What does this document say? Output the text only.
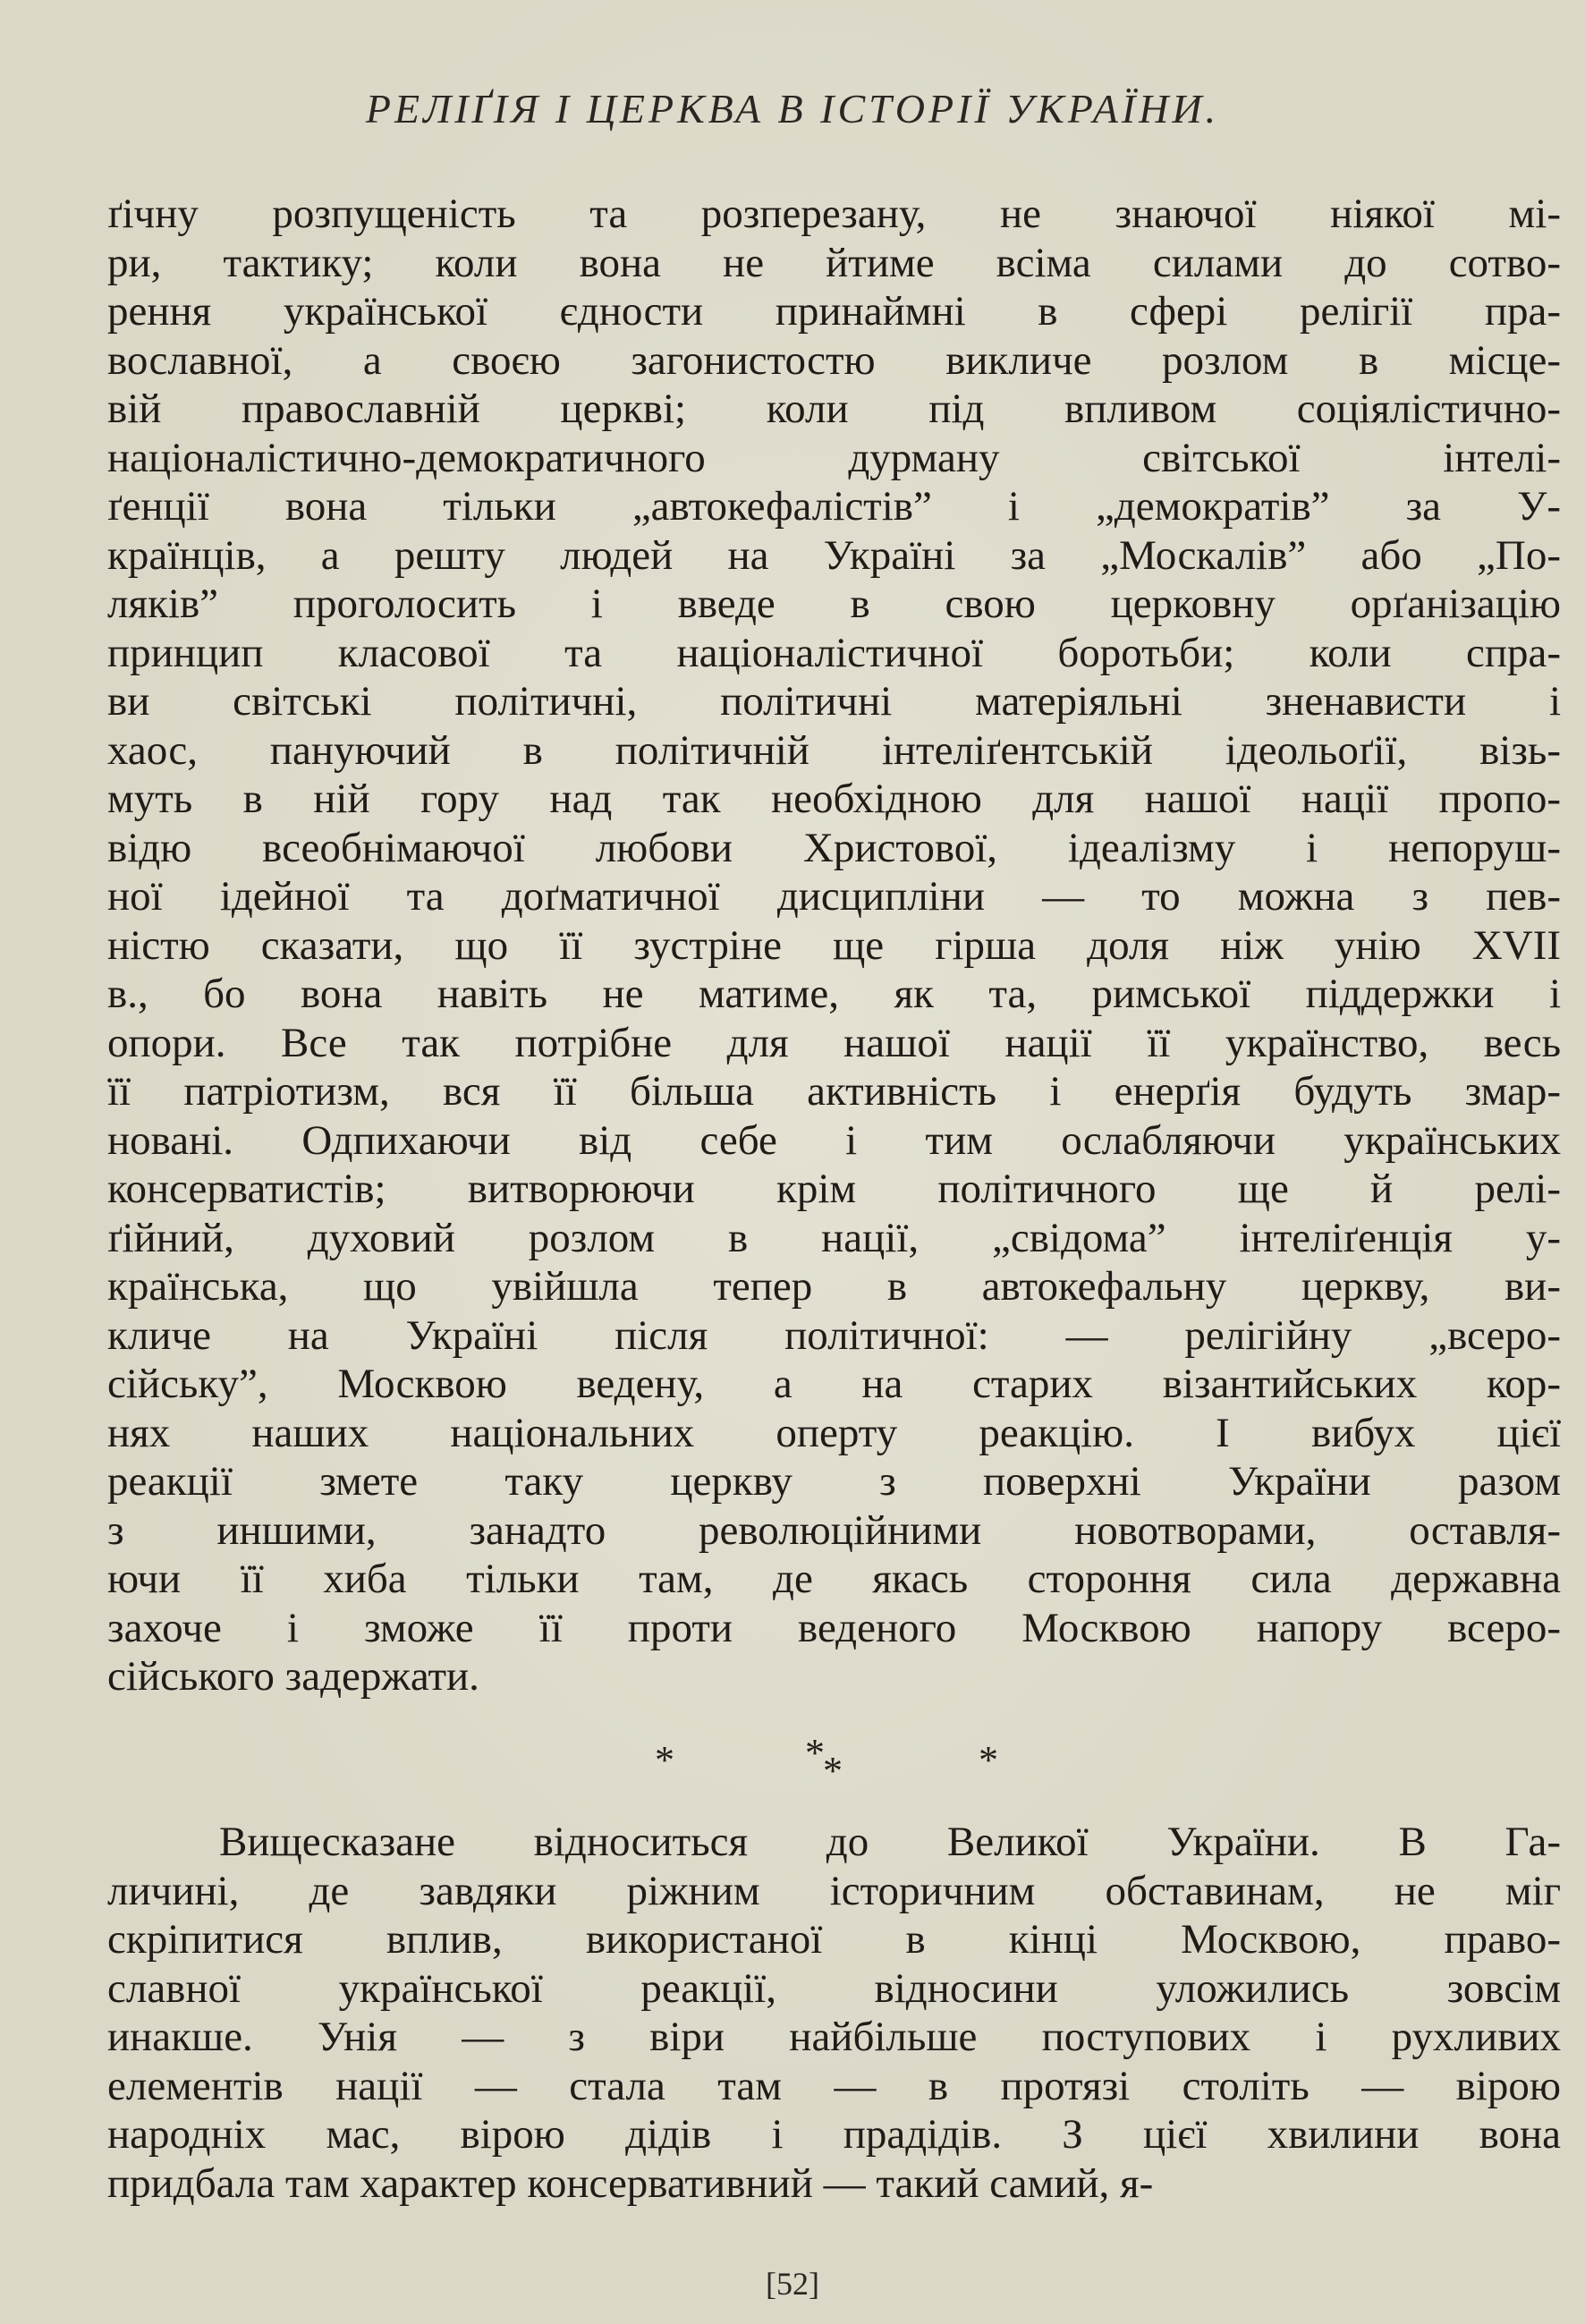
РЕЛІҐІЯ І ЦЕРКВА В ІСТОРІЇ УКРАЇНИ.
ґічну розпущеність та розперезану, не знаючої ніякої мі-
ри, тактику; коли вона не йтиме всіма силами до сотво-
рення української єдности принаймні в сфері релігії пра-
вославної, а своєю загонистостю викличе розлом в місце-
вій православній церкві; коли під впливом соціялістично-
націоналістично-демократичного дурману світської інтелі-
ґенції вона тільки „автокефалістів” і „демократів” за У-
країнців, а решту людей на Україні за „Москалів” або „По-
ляків” проголосить і введе в свою церковну орґанізацію
принцип класової та націоналістичної боротьби; коли спра-
ви світські політичні, політичні матеріяльні зненависти і
хаос, пануючий в політичній інтеліґентській ідеольоґії, візь-
муть в ній гору над так необхідною для нашої нації пропо-
відю всеобнімаючої любови Христової, ідеалізму і непоруш-
ної ідейної та доґматичної дисципліни — то можна з пев-
ністю сказати, що її зустріне ще гірша доля ніж унію XVII
в., бо вона навіть не матиме, як та, римської піддержки і
опори. Все так потрібне для нашої нації її українство, весь
її патріотизм, вся її більша активність і енерґія будуть змар-
новані. Одпихаючи від себе і тим ослабляючи українських
консерватистів; витворюючи крім політичного ще й релі-
ґійний, духовий розлом в нації, „свідома” інтеліґенція у-
країнська, що увійшла тепер в автокефальну церкву, ви-
кличе на Україні після політичної: — релігійну „всеро-
сійську”, Москвою ведену, а на старих візантийських кор-
нях наших національних оперту реакцію. І вибух цієї
реакції змете таку церкву з поверхні України разом
з иншими, занадто революційними новотворами, оставля-
ючи її хиба тільки там, де якась стороння сила державна
захоче і зможе її проти веденого Москвою напору всеро-
сійського задержати.
*	*
*	*
Вищесказане відноситься до Великої України. В Га-
личині, де завдяки ріжним історичним обставинам, не міг
скріпитися вплив, використаної в кінці Москвою, право-
славної української реакції, відносини уложились зовсім
инакше. Унія — з віри найбільше поступових і рухливих
елементів нації — стала там — в протязі століть — вірою
народніх мас, вірою дідів і прадідів. З цієї хвилини вона
придбала там характер консервативний — такий самий, я-
[52]
